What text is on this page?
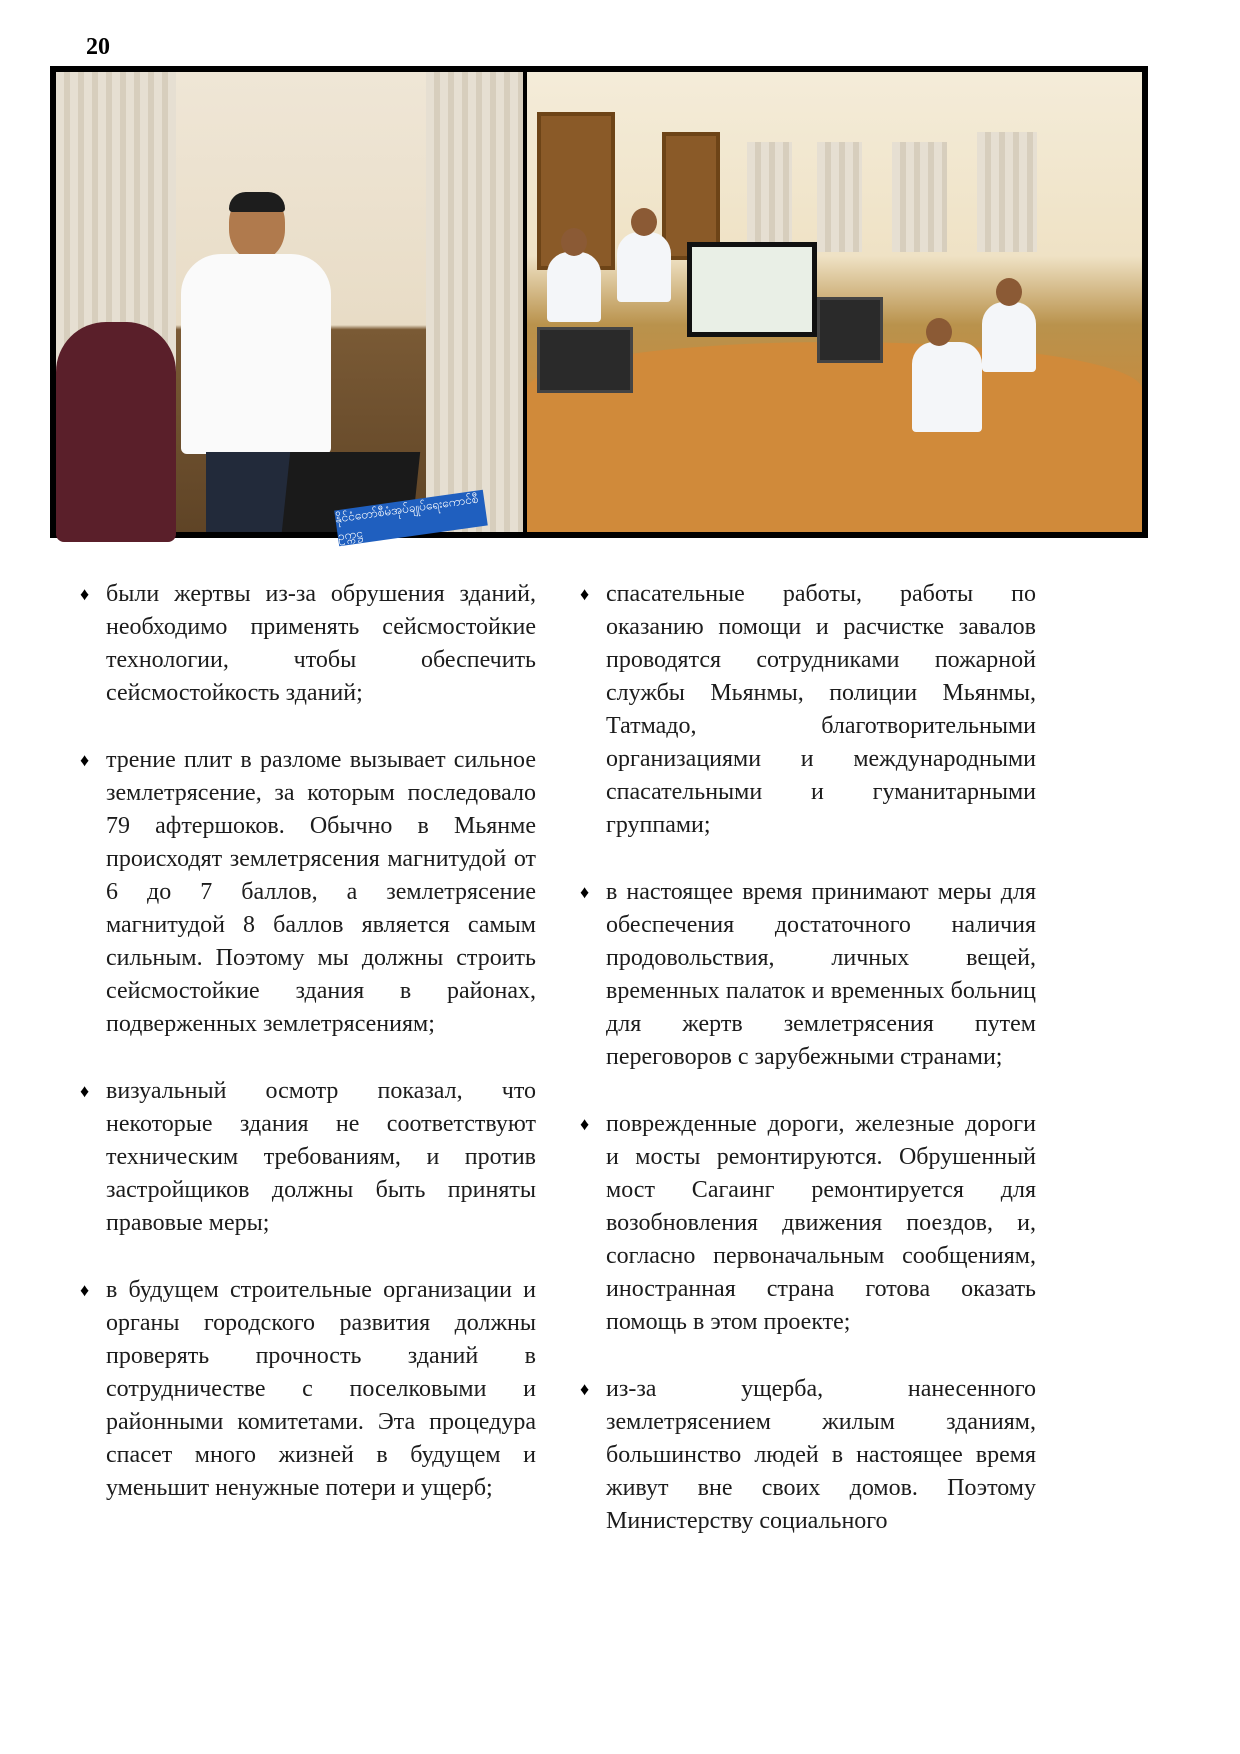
20
နိုင်ငံတော်စီမံအုပ်ချုပ်ရေးကောင်စီဥက္ကဋ္ဌ
♦ были жертвы из-за обрушения зданий, необходимо применять сейсмостойкие технологии, чтобы обеспечить сейсмостойкость зданий;
♦ трение плит в разломе вызывает сильное землетрясение, за которым последовало 79 афтершоков. Обычно в Мьянме происходят землетрясения магнитудой от 6 до 7 баллов, а землетрясение магнитудой 8 баллов является самым сильным. Поэтому мы должны строить сейсмостойкие здания в районах, подверженных землетрясениям;
♦ визуальный осмотр показал, что некоторые здания не соответствуют техническим требованиям, и против застройщиков должны быть приняты правовые меры;
♦ в будущем строительные организации и органы городского развития должны проверять прочность зданий в сотрудничестве с поселковыми и районными комитетами. Эта процедура спасет много жизней в будущем и уменьшит ненужные потери и ущерб;
♦ спасательные работы, работы по оказанию помощи и расчистке завалов проводятся сотрудниками пожарной службы Мьянмы, полиции Мьянмы, Татмадо, благотворительными организациями и международными спасательными и гуманитарными группами;
♦ в настоящее время принимают меры для обеспечения достаточного наличия продовольствия, личных вещей, временных палаток и временных больниц для жертв землетрясения путем переговоров с зарубежными странами;
♦ поврежденные дороги, железные дороги и мосты ремонтируются. Обрушенный мост Сагаинг ремонтируется для возобновления движения поездов, и, согласно первоначальным сообщениям, иностранная страна готова оказать помощь в этом проекте;
♦ из-за ущерба, нанесенного землетрясением жилым зданиям, большинство людей в настоящее время живут вне своих домов. Поэтому Министерству социального
